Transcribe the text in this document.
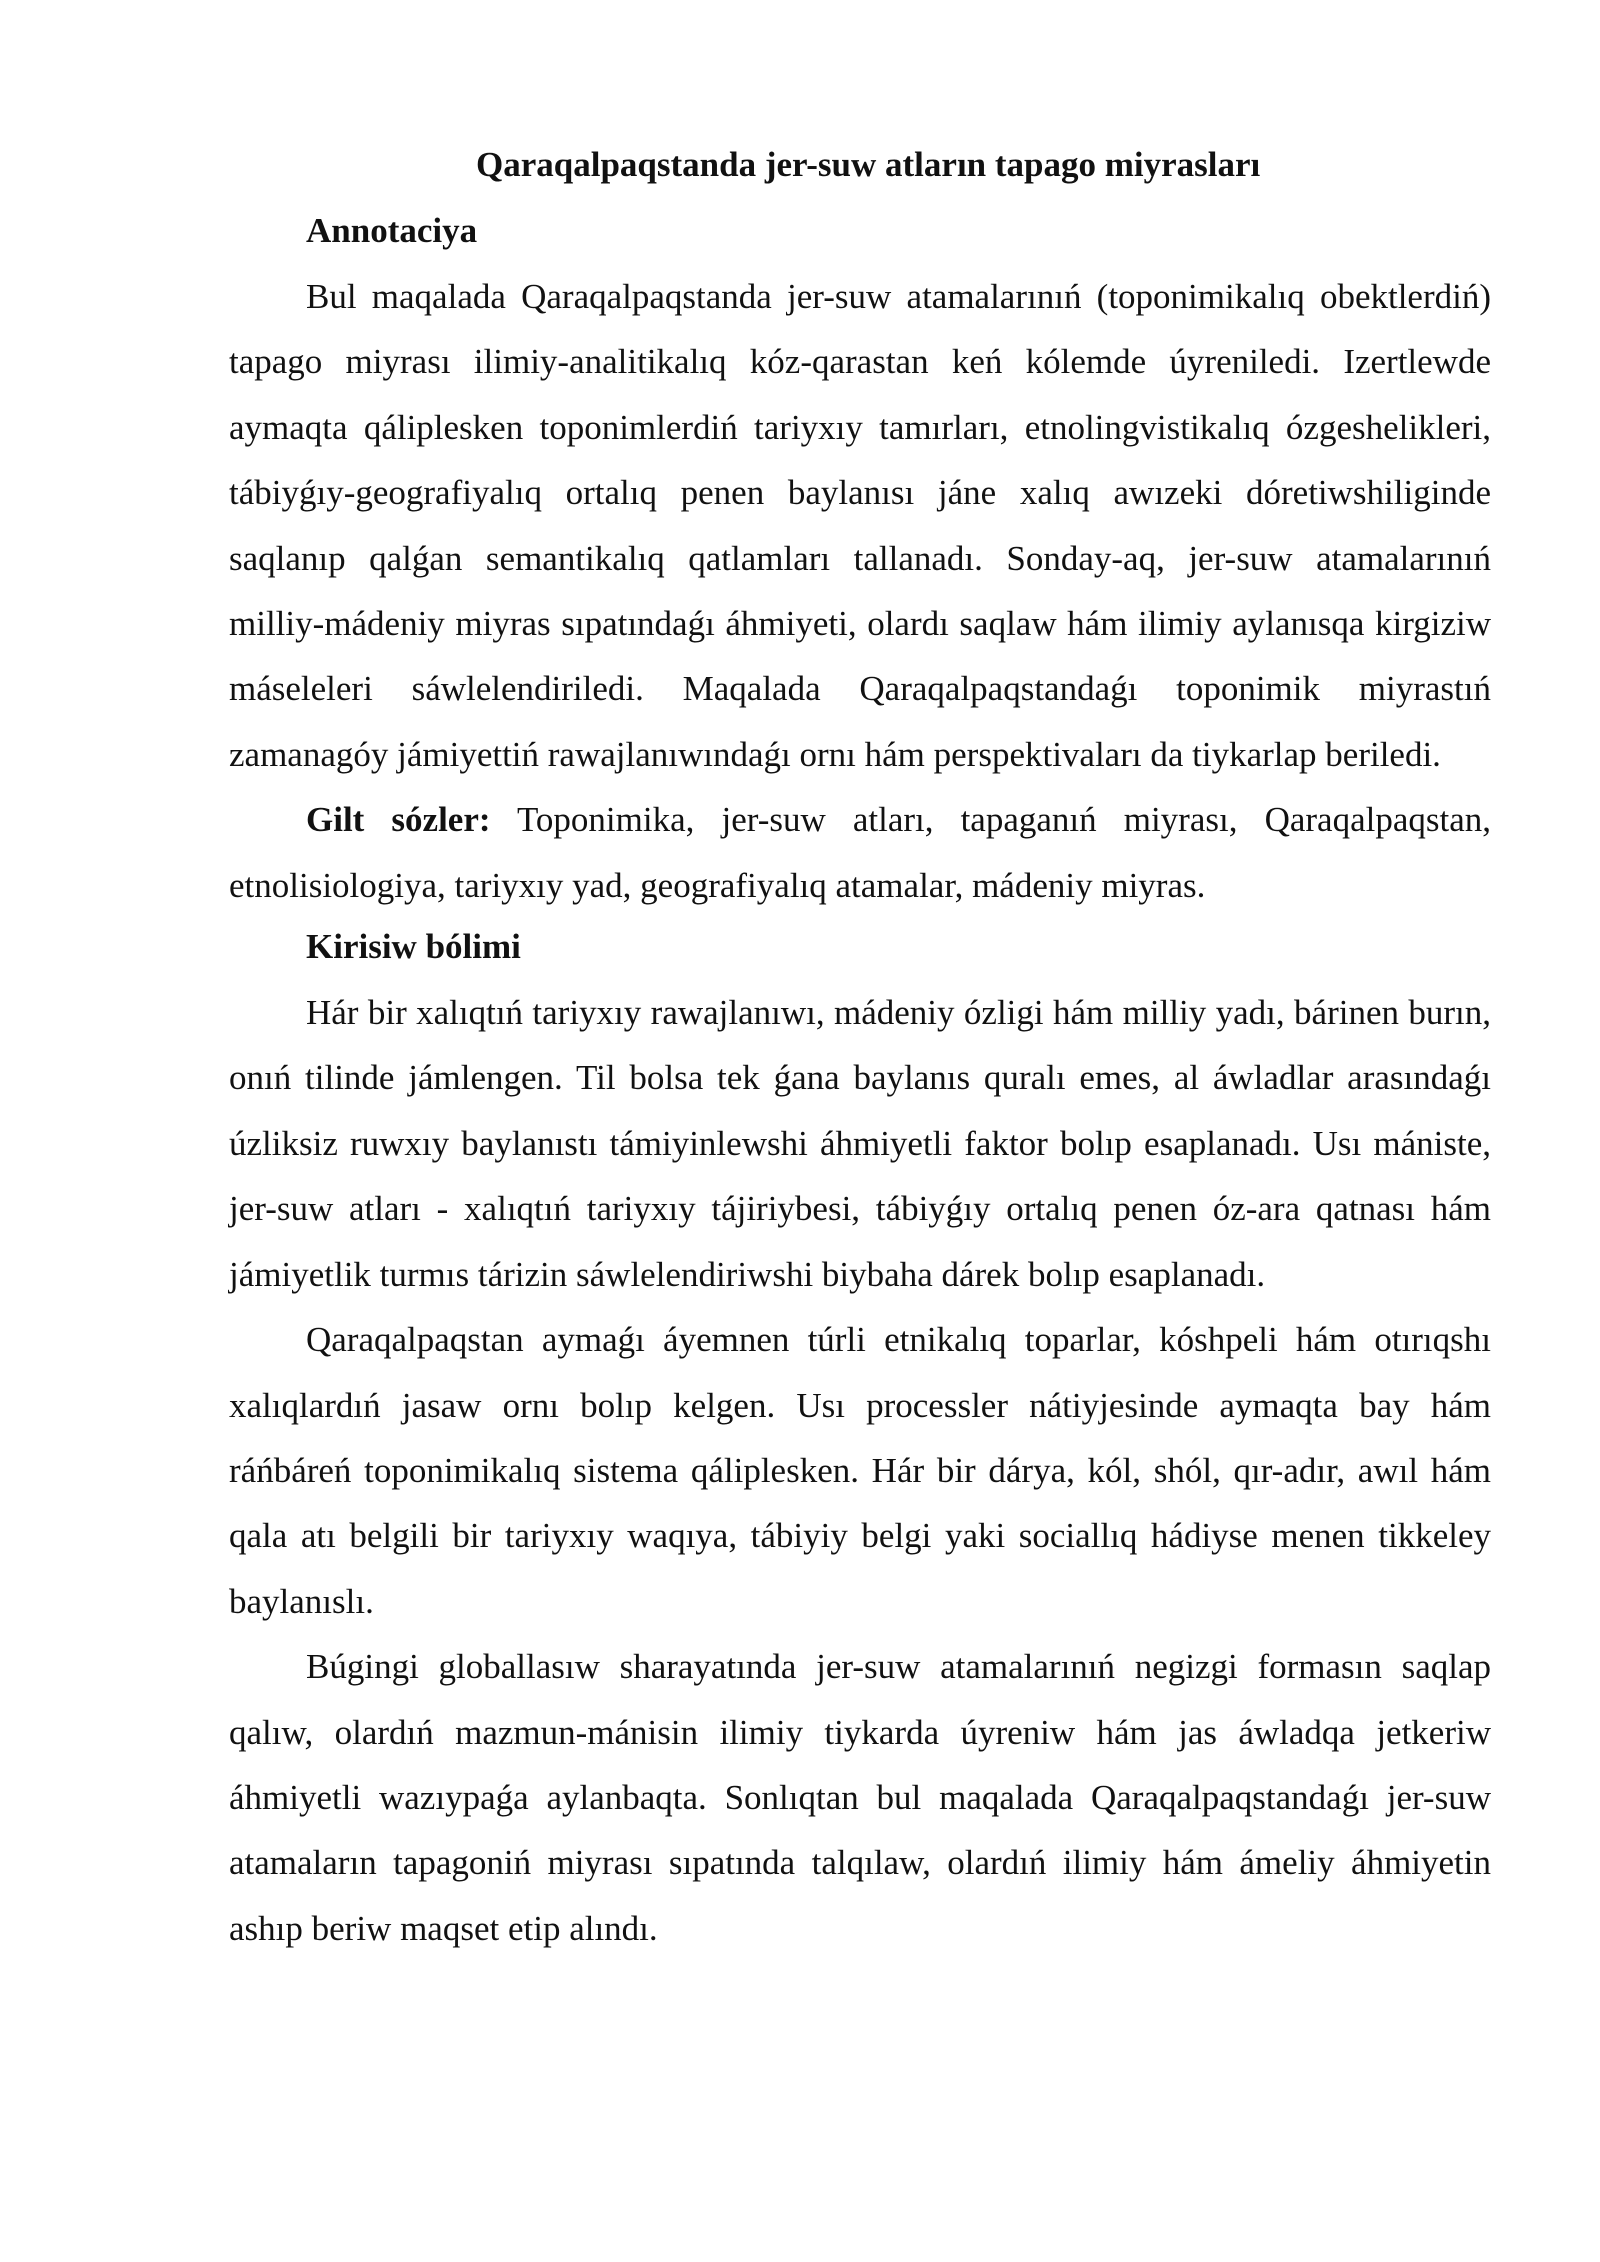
Qaraqalpaqstanda jer-suw atların tapago miyrasları
Annotaciya

Bul maqalada Qaraqalpaqstanda jer-suw atamalarınıń (toponimikalıq obektlerdiń) tapago miyrası ilimiy-analitikalıq kóz-qarastan keń kólemde úyreniledi. Izertlewde aymaqta qáliplesken toponimlerdiń tariyxıy tamırları, etnolingvistikalıq ózgeshelikleri, tábiyǵıy-geografiyalıq ortalıq penen baylanısı jáne xalıq awızeki dóretiwshiliginde saqlanıp qalǵan semantikalıq qatlamları tallanadı. Sonday-aq, jer-suw atamalarınıń milliy-mádeniy miyras sıpatındaǵı áhmiyeti, olardı saqlaw hám ilimiy aylanısqa kirgiziw máseleleri sáwlelendiriledi. Maqalada Qaraqalpaqstandaǵı toponimik miyrastıń zamanagóy jámiyettiń rawajlanıwındaǵı ornı hám perspektivaları da tiykarlap beriledi.

Gilt sózler: Toponimika, jer-suw atları, tapaganıń miyrası, Qaraqalpaqstan, etnolisiologiya, tariyxıy yad, geografiyalıq atamalar, mádeniy miyras.

Kirisiw bólimi

Hár bir xalıqtıń tariyxıy rawajlanıwı, mádeniy ózligi hám milliy yadı, bárinen burın, onıń tilinde jámlengen. Til bolsa tek ǵana baylanıs quralı emes, al áwladlar arasındaǵı úzliksiz ruwxıy baylanıstı támiyinlewshi áhmiyetli faktor bolıp esaplanadı. Usı mániste, jer-suw atları - xalıqtıń tariyxıy tájiriybesi, tábiyǵıy ortalıq penen óz-ara qatnası hám jámiyetlik turmıs tárizin sáwlelendiriwshi biybaha dárek bolıp esaplanadı.

Qaraqalpaqstan aymaǵı áyemnen túrli etnikalıq toparlar, kóshpeli hám otırıqshı xalıqlardıń jasaw ornı bolıp kelgen. Usı processler nátiyjesinde aymaqta bay hám ráńbáreń toponimikalıq sistema qáliplesken. Hár bir dárya, kól, shól, qır-adır, awıl hám qala atı belgili bir tariyxıy waqıya, tábiyiy belgi yaki sociallıq hádiyse menen tikkeley baylanıslı.

Búgingi globallasıw sharayatında jer-suw atamalarınıń negizgi formasın saqlap qalıw, olardıń mazmun-mánisin ilimiy tiykarda úyreniw hám jas áwladqa jetkeriw áhmiyetli wazıypaǵa aylanbaqta. Sonlıqtan bul maqalada Qaraqalpaqstandaǵı jer-suw atamaların tapagoniń miyrası sıpatında talqılaw, olardıń ilimiy hám ámeliy áhmiyetin ashıp beriw maqset etip alındı.
